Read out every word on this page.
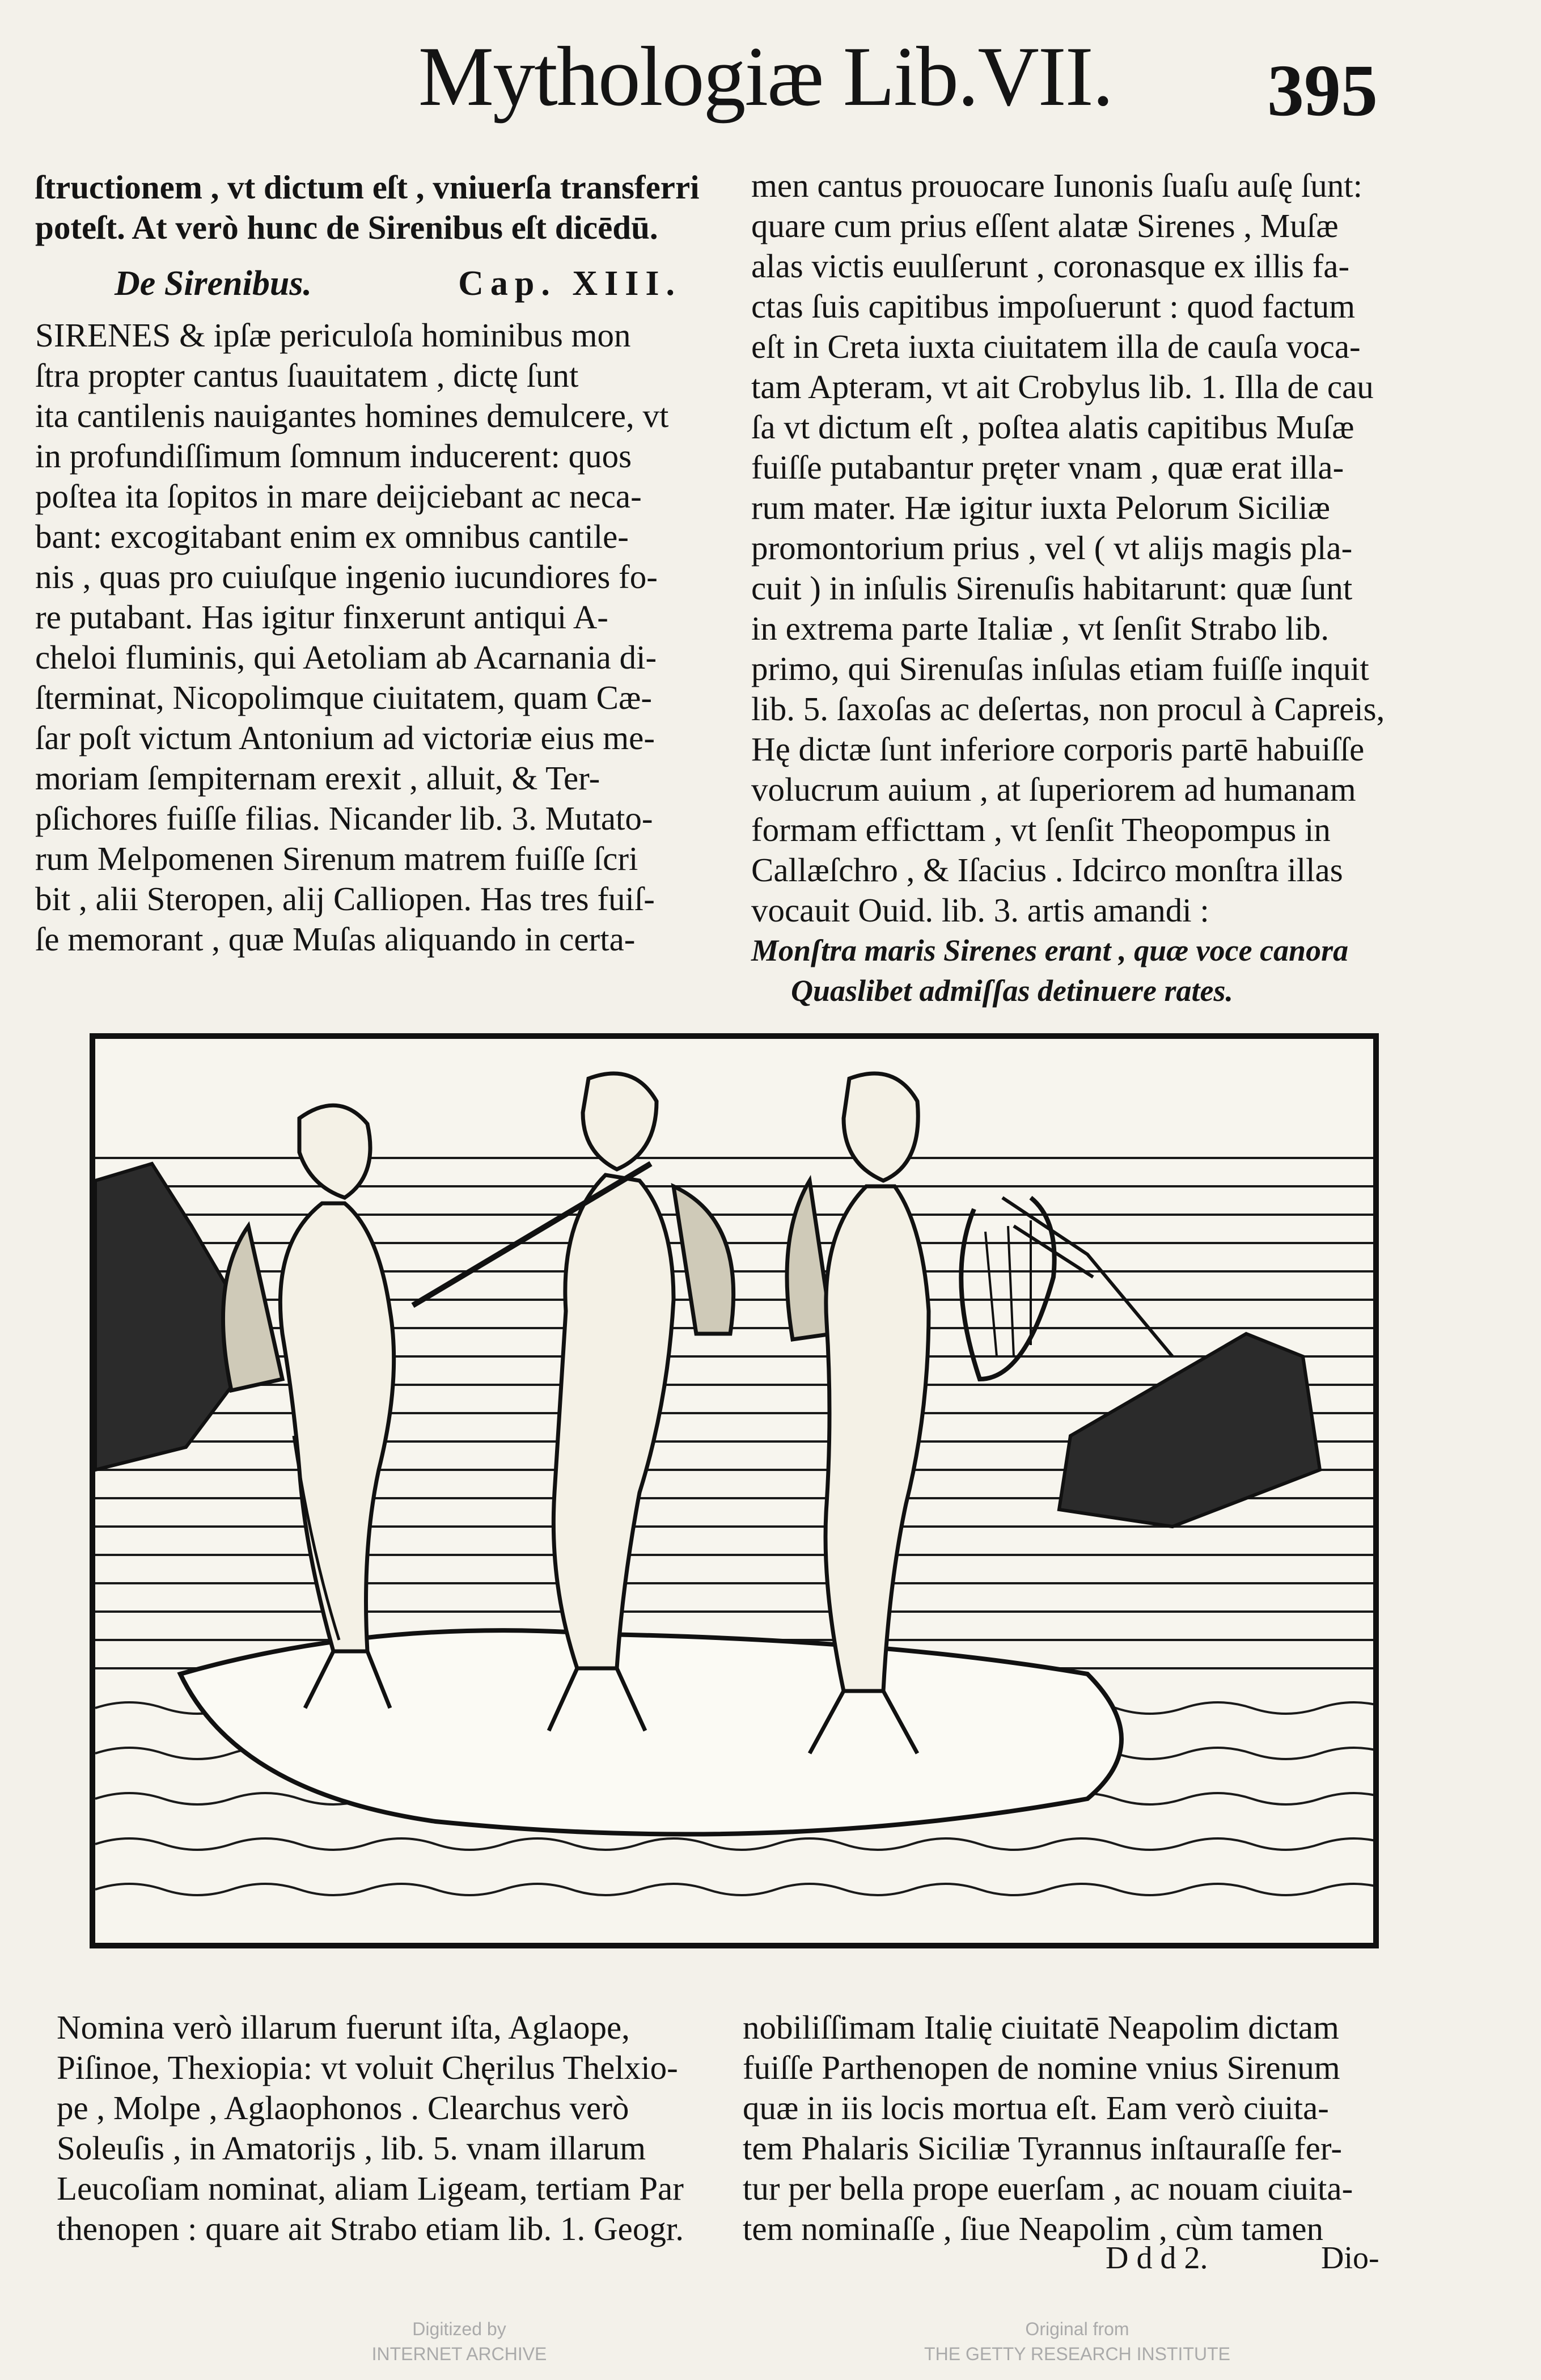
Mythologiæ Lib.VII. 395

ſtructionem , vt dictum eſt , vniuerſa transferri

poteſt. At verò hunc de Sirenibus eſt dicēdū.

De Sirenibus.	Cap. XIII.

SIRENES & ipſæ periculoſa hominibus mon

ſtra propter cantus ſuauitatem , dictę ſunt

ita cantilenis nauigantes homines demulcere, vt

in profundiſſimum ſomnum inducerent: quos

poſtea ita ſopitos in mare deijciebant ac neca-

bant: excogitabant enim ex omnibus cantile-

nis , quas pro cuiuſque ingenio iucundiores fo-

re putabant. Has igitur finxerunt antiqui A-

cheloi fluminis, qui Aetoliam ab Acarnania di-

ſterminat, Nicopolimque ciuitatem, quam Cæ-

ſar poſt victum Antonium ad victoriæ eius me-

moriam ſempiternam erexit , alluit, & Ter-

pſichores fuiſſe filias. Nicander lib. 3. Mutato-

rum Melpomenen Sirenum matrem fuiſſe ſcri

bit , alii Steropen, alij Calliopen. Has tres fuiſ-

ſe memorant , quæ Muſas aliquando in certa-

men cantus prouocare Iunonis ſuaſu auſę ſunt:

quare cum prius eſſent alatæ Sirenes , Muſæ

alas victis euulſerunt , coronasque ex illis fa-

ctas ſuis capitibus impoſuerunt : quod factum

eſt in Creta iuxta ciuitatem illa de cauſa voca-

tam Apteram, vt ait Crobylus lib. 1. Illa de cau

ſa vt dictum eſt , poſtea alatis capitibus Muſæ

fuiſſe putabantur pręter vnam , quæ erat illa-

rum mater. Hæ igitur iuxta Pelorum Siciliæ

promontorium prius , vel ( vt alijs magis pla-

cuit ) in inſulis Sirenuſis habitarunt: quæ ſunt

in extrema parte Italiæ , vt ſenſit Strabo lib.

primo, qui Sirenuſas inſulas etiam fuiſſe inquit

lib. 5. ſaxoſas ac deſertas, non procul à Capreis,

Hę dictæ ſunt inferiore corporis partē habuiſſe

volucrum auium , at ſuperiorem ad humanam

formam efficttam , vt ſenſit Theopompus in

Callæſchro , & Iſacius . Idcirco monſtra illas

vocauit Ouid. lib. 3. artis amandi :

Monſtra maris Sirenes erant , quæ voce canora

Quaslibet admiſſas detinuere rates.

Nomina verò illarum fuerunt iſta, Aglaope,

Piſinoe, Thexiopia: vt voluit Chęrilus Thelxio-

pe , Molpe , Aglaophonos . Clearchus verò

Soleuſis , in Amatorijs , lib. 5. vnam illarum

Leucoſiam nominat, aliam Ligeam, tertiam Par

thenopen : quare ait Strabo etiam lib. 1. Geogr.

nobiliſſimam Italię ciuitatē Neapolim dictam

fuiſſe Parthenopen de nomine vnius Sirenum

quæ in iis locis mortua eſt. Eam verò ciuita-

tem Phalaris Siciliæ Tyrannus inſtauraſſe fer-

tur per bella prope euerſam , ac nouam ciuita-

tem nominaſſe , ſiue Neapolim , cùm tamen

D d d 2.	Dio-
Digitized by
INTERNET ARCHIVE
Original from
THE GETTY RESEARCH INSTITUTE
